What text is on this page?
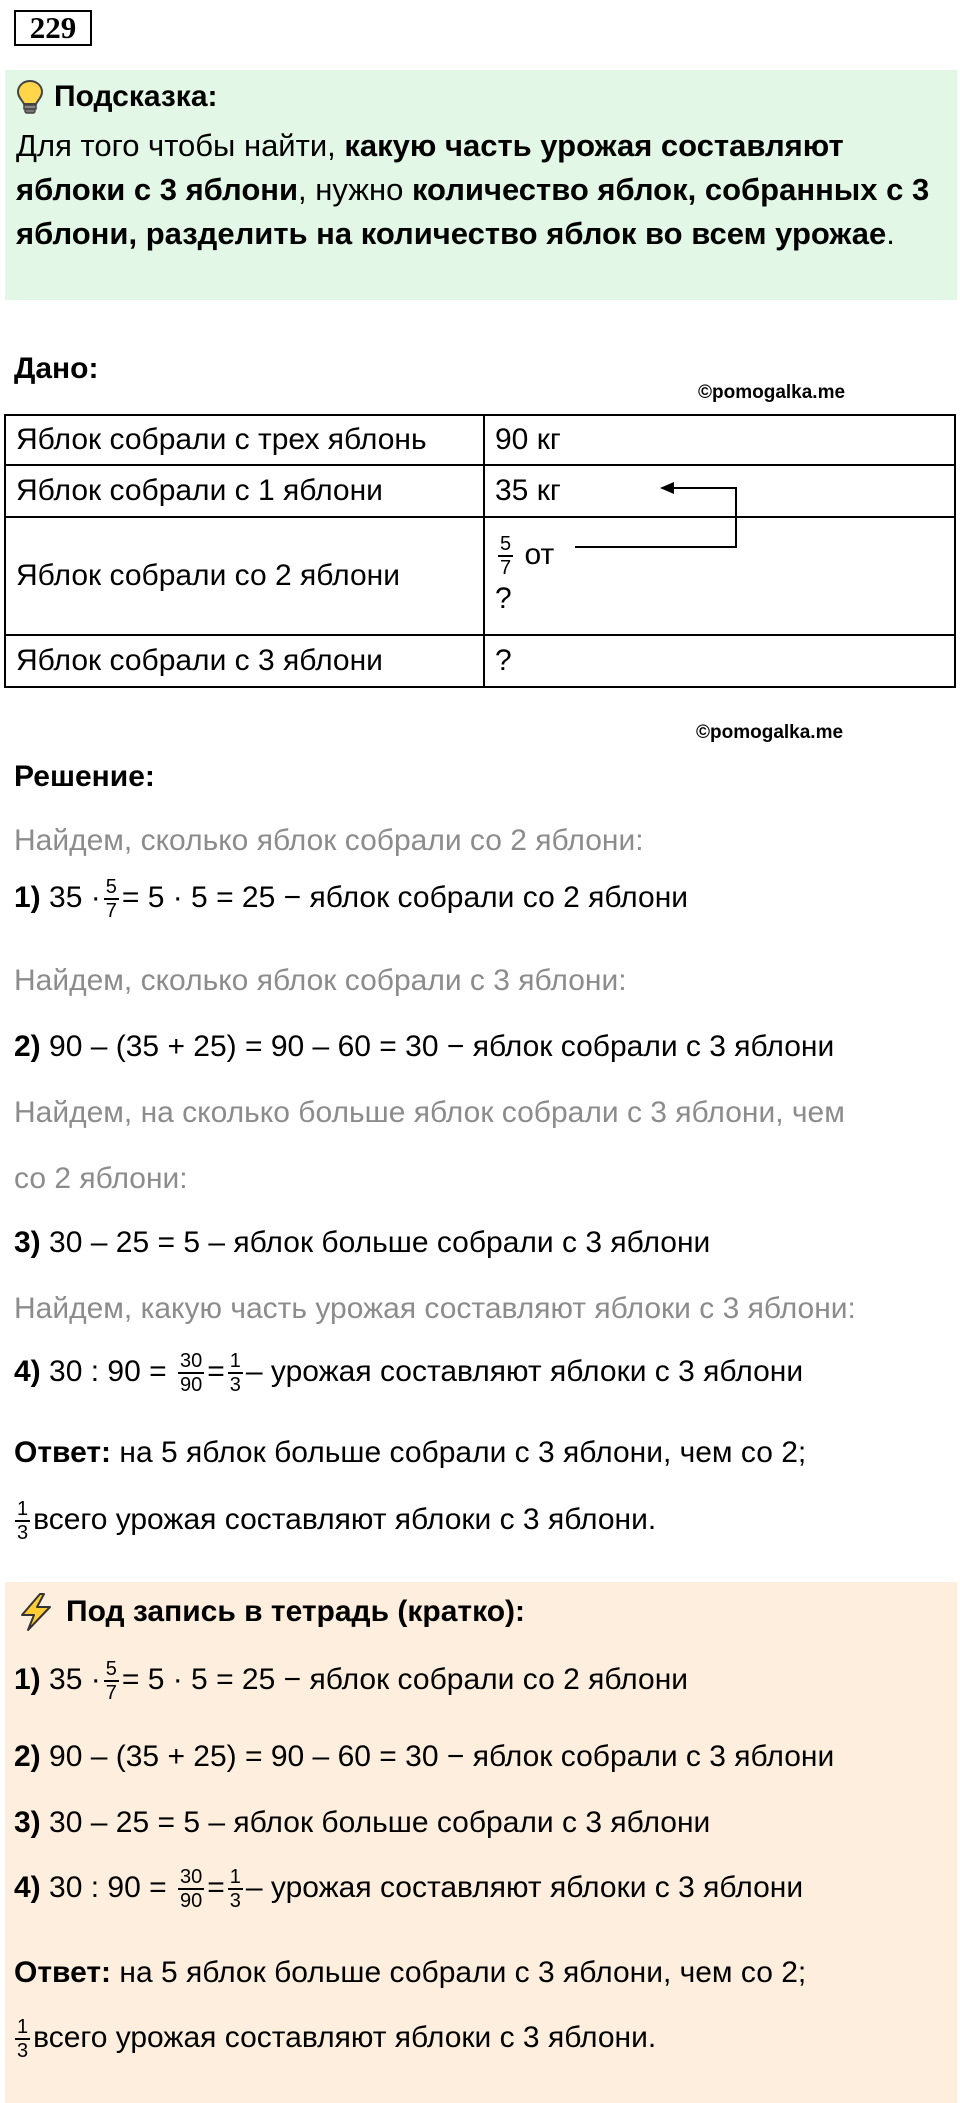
229
Подсказка:
Для того чтобы найти, какую часть урожая составляют яблоки с 3 яблони, нужно количество яблок, собранных с 3 яблони, разделить на количество яблок во всем урожае.
Дано:
©pomogalka.me
Яблок собрали с трех яблонь	90 кг
Яблок собрали с 1 яблони	35 кг
Яблок собрали со 2 яблони	$\frac{5}{7}$ от
?

Яблок собрали с 3 яблони	?
©pomogalka.me
Решение:
Найдем, сколько яблок собрали со 2 яблони:
1) $35 \cdot \frac{5}{7} = 5 \cdot 5 = 25$ − яблок собрали со 2 яблони
Найдем, сколько яблок собрали с 3 яблони:
2) 90 – (35 + 25) = 90 – 60 = 30 − яблок собрали с 3 яблони
Найдем, на сколько больше яблок собрали с 3 яблони, чем
со 2 яблони:
3) 30 – 25 = 5 – яблок больше собрали с 3 яблони
Найдем, какую часть урожая составляют яблоки с 3 яблони:
4) 30 : $90 = \frac{30}{90} = \frac{1}{3}$ – урожая составляют яблоки с 3 яблони
Ответ: на 5 яблок больше собрали с 3 яблони, чем со 2;
$\frac{1}{3}$ всего урожая составляют яблоки с 3 яблони.
Под запись в тетрадь (кратко):
1) $35 \cdot \frac{5}{7} = 5 \cdot 5 = 25$ − яблок собрали со 2 яблони
2) 90 – (35 + 25) = 90 – 60 = 30 − яблок собрали с 3 яблони
3) 30 – 25 = 5 – яблок больше собрали с 3 яблони
4) 30 : $90 = \frac{30}{90} = \frac{1}{3}$ – урожая составляют яблоки с 3 яблони
Ответ: на 5 яблок больше собрали с 3 яблони, чем со 2;
$\frac{1}{3}$ всего урожая составляют яблоки с 3 яблони.
